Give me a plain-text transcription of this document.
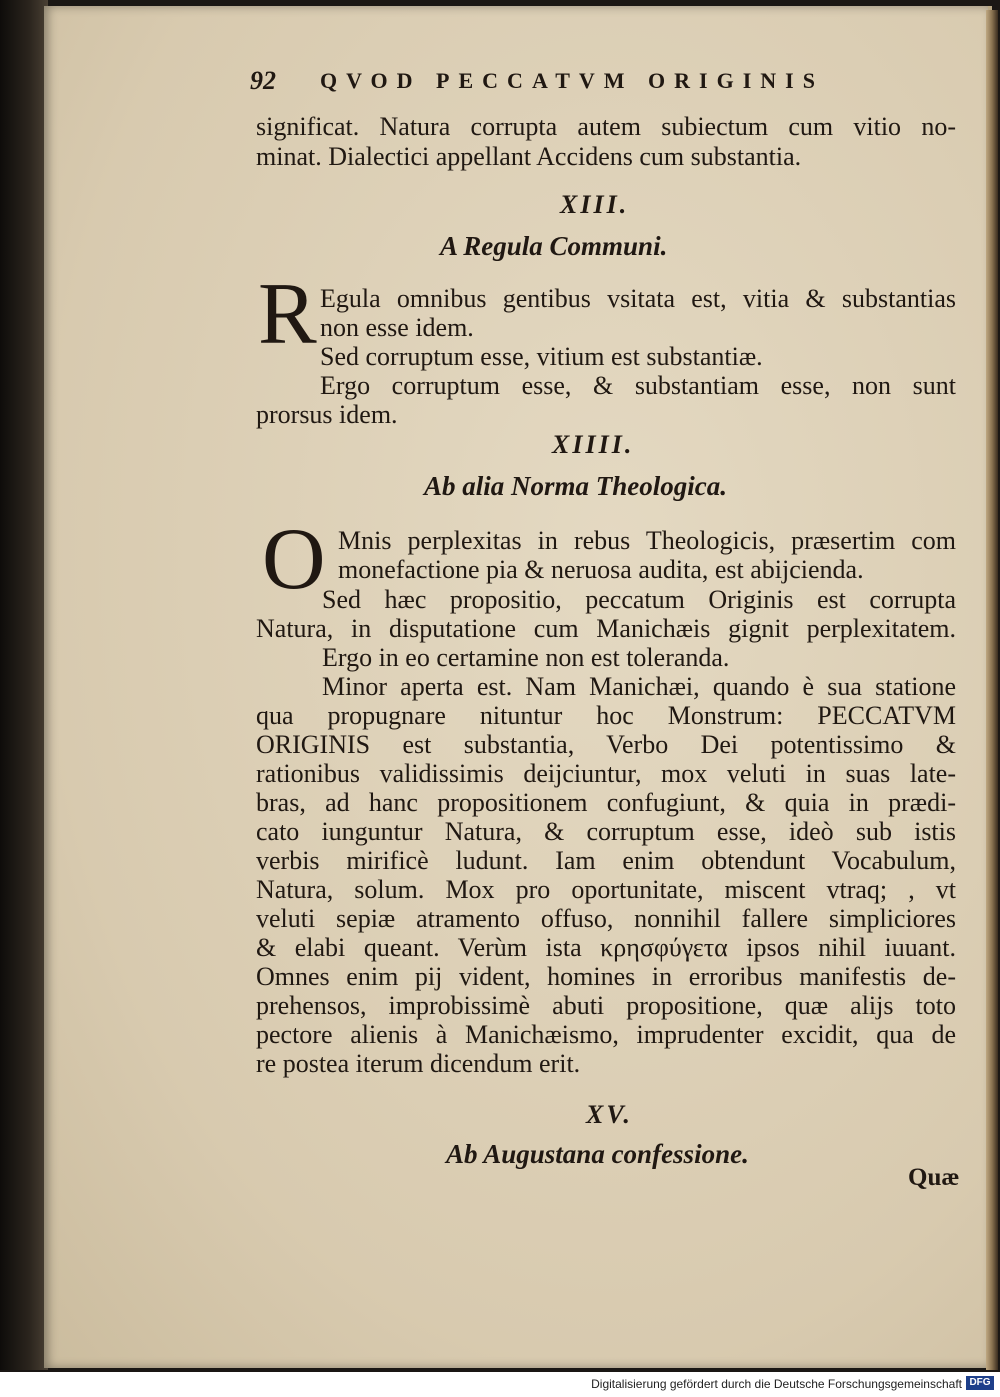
92 QVOD PECCATVM ORIGINIS
significat. Natura corrupta autem subiectum cum vitio no-
minat. Dialectici appellant Accidens cum substantia.
XIII.
A Regula Communi.
R Egula omnibus gentibus vsitata est, vitia & substantias
non esse idem.
Sed corruptum esse, vitium est substantiæ.
Ergo corruptum esse, & substantiam esse, non sunt
prorsus idem.
XIIII.
Ab alia Norma Theologica.
O Mnis perplexitas in rebus Theologicis, præsertim com
monefactione pia & neruosa audita, est abijcienda.
Sed hæc propositio, peccatum Originis est corrupta
Natura, in disputatione cum Manichæis gignit perplexitatem.
Ergo in eo certamine non est toleranda.
Minor aperta est. Nam Manichæi, quando è sua statione
qua propugnare nituntur hoc Monstrum: PECCATVM
ORIGINIS est substantia, Verbo Dei potentissimo &
rationibus validissimis deijciuntur, mox veluti in suas late-
bras, ad hanc propositionem confugiunt, & quia in prædi-
cato iunguntur Natura, & corruptum esse, ideò sub istis
verbis mirificè ludunt. Iam enim obtendunt Vocabulum,
Natura, solum. Mox pro oportunitate, miscent vtraq; , vt
veluti sepiæ atramento offuso, nonnihil fallere simpliciores
& elabi queant. Verùm ista κρησφύγετα ipsos nihil iuuant.
Omnes enim pij vident, homines in erroribus manifestis de-
prehensos, improbissimè abuti propositione, quæ alijs toto
pectore alienis à Manichæismo, imprudenter excidit, qua de
re postea iterum dicendum erit.
XV.
Ab Augustana confessione.
Quæ
Digitalisierung gefördert durch die Deutsche Forschungsgemeinschaft DFG
